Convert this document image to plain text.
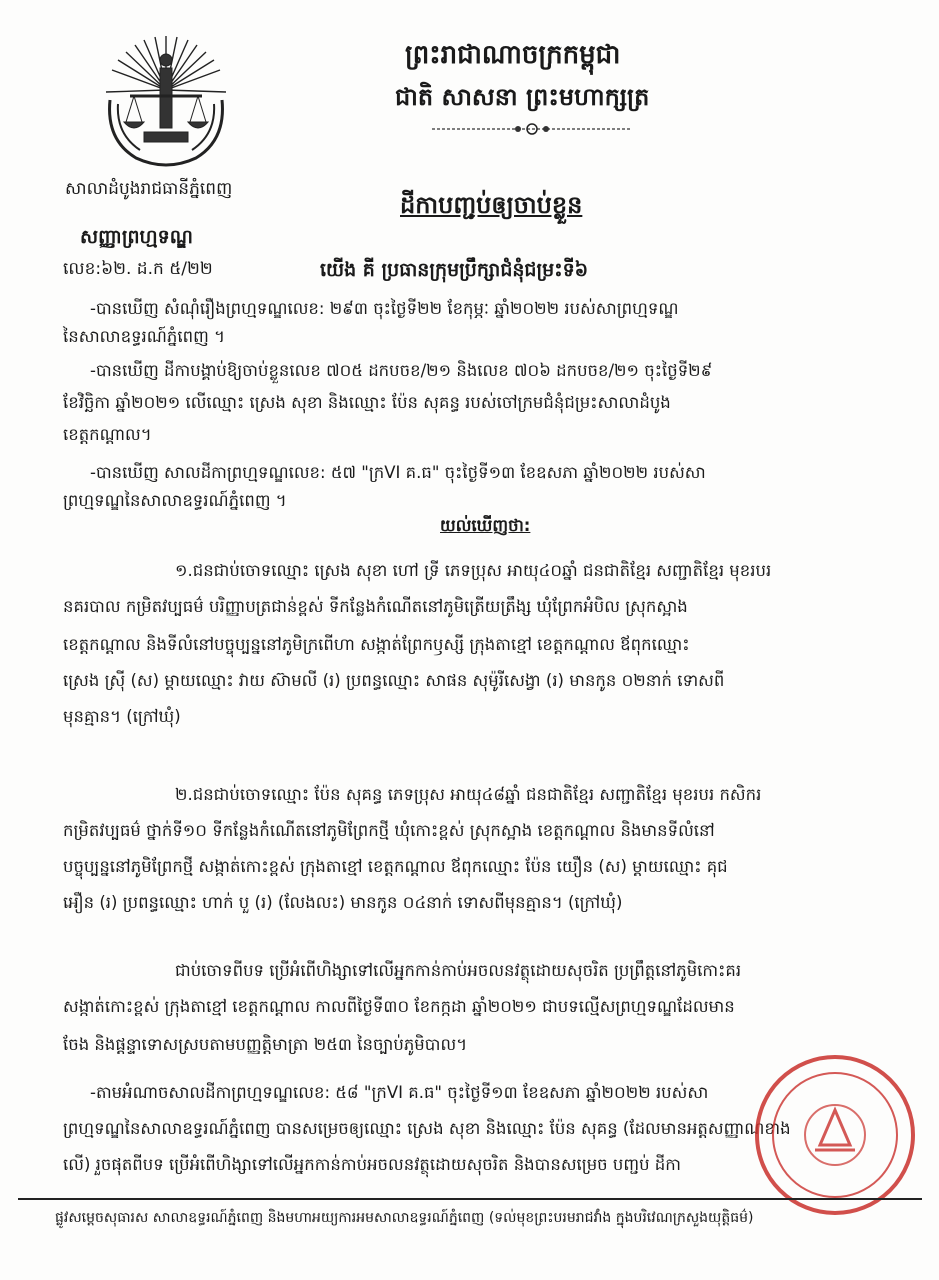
ព្រះរាជាណាចក្រកម្ពុជា
ជាតិ សាសនា ព្រះមហាក្សត្រ
សាលាដំបូងរាជធានីភ្នំពេញ
ដីកាបញ្ជប់ឲ្យចាប់ខ្លួន
សញ្ញាព្រហ្មទណ្ឌ
លេខ:៦២. ដ.ក ៥/២២	យើង គី ប្រធានក្រុមប្រឹក្សាជំនុំជម្រះទី៦

-បានឃើញ សំណុំរឿងព្រហ្មទណ្ឌលេខ: ២៩៣ ចុះថ្ងៃទី២២ ខែកុម្ភៈ ឆ្នាំ២០២២ របស់សាព្រហ្មទណ្ឌ

នៃសាលាឧទ្ធរណ៍ភ្នំពេញ ។

-បានឃើញ ដីកាបង្គាប់ឱ្យចាប់ខ្លួនលេខ ៧០៥ ដកបចខ/២១ និងលេខ ៧០៦ ដកបចខ/២១ ចុះថ្ងៃទី២៩

ខែវិច្ឆិកា ឆ្នាំ២០២១ លើឈ្មោះ ស្រេង សុខា និងឈ្មោះ ប៉ែន សុគន្ធ របស់ចៅក្រមជំនុំជម្រះសាលាដំបូង

ខេត្តកណ្ដាល។

-បានឃើញ សាលដីកាព្រហ្មទណ្ឌលេខ: ៥៧ "ក្រVI គ.ធ" ចុះថ្ងៃទី១៣ ខែឧសភា ឆ្នាំ២០២២ របស់សា

ព្រហ្មទណ្ឌនៃសាលាឧទ្ធរណ៍ភ្នំពេញ ។

យល់ឃើញថា:

១.ជនជាប់ចោទឈ្មោះ ស្រេង សុខា ហៅ ទ្រី ភេទប្រុស អាយុ៤០ឆ្នាំ ជនជាតិខ្មែរ សញ្ជាតិខ្មែរ មុខរបរ

នគរបាល កម្រិតវប្បធម៌ បរិញ្ញាបត្រជាន់ខ្ពស់ ទីកន្លែងកំណើតនៅភូមិត្រើយត្រឹង្ស ឃុំព្រែកអំបិល ស្រុកស្អាង

ខេត្តកណ្ដាល និងទីលំនៅបច្ចុប្បន្ននៅភូមិក្រពើហា សង្កាត់ព្រែកឫស្សី ក្រុងតាខ្មៅ ខេត្តកណ្ដាល ឪពុកឈ្មោះ

ស្រេង ស្រ៊ី (ស) ម្ដាយឈ្មោះ វាយ ស៊ាមលី (រ) ប្រពន្ធឈ្មោះ សាផន សុម៉ូរីសេង្វា (រ) មានកូន ០២នាក់ ទោសពី

មុនគ្មាន។ (ក្រៅឃុំ)

២.ជនជាប់ចោទឈ្មោះ ប៉ែន សុគន្ធ ភេទប្រុស អាយុ៤៨ឆ្នាំ ជនជាតិខ្មែរ សញ្ជាតិខ្មែរ មុខរបរ កសិករ

កម្រិតវប្បធម៌ ថ្នាក់ទី១០ ទីកន្លែងកំណើតនៅភូមិព្រែកថ្មី ឃុំកោះខ្ពស់ ស្រុកស្អាង ខេត្តកណ្ដាល និងមានទីលំនៅ

បច្ចុប្បន្ននៅភូមិព្រែកថ្មី សង្កាត់កោះខ្ពស់ ក្រុងតាខ្មៅ ខេត្តកណ្ដាល ឪពុកឈ្មោះ ប៉ែន យឿន (ស) ម្ដាយឈ្មោះ គុជ

អឿន (រ) ប្រពន្ធឈ្មោះ ហាក់ បួ (រ) (លែងលះ) មានកូន ០៤នាក់ ទោសពីមុនគ្មាន។ (ក្រៅឃុំ)

ជាប់ចោទពីបទ ប្រើអំពើហិង្សាទៅលើអ្នកកាន់កាប់អចលនវត្ថុដោយសុចរិត ប្រព្រឹត្តនៅភូមិកោះគរ

សង្កាត់កោះខ្ពស់ ក្រុងតាខ្មៅ ខេត្តកណ្ដាល កាលពីថ្ងៃទី៣០ ខែកក្កដា ឆ្នាំ២០២១ ជាបទល្មើសព្រហ្មទណ្ឌដែលមាន

ចែង និងផ្ដន្ទាទោសស្របតាមបញ្ញត្តិមាត្រា ២៥៣ នៃច្បាប់ភូមិបាល។

-តាមអំណាចសាលដីកាព្រហ្មទណ្ឌលេខ: ៥៨ "ក្រVI គ.ធ" ចុះថ្ងៃទី១៣ ខែឧសភា ឆ្នាំ២០២២ របស់សា

ព្រហ្មទណ្ឌនៃសាលាឧទ្ធរណ៍ភ្នំពេញ បានសម្រេចឲ្យឈ្មោះ ស្រេង សុខា និងឈ្មោះ ប៉ែន សុគន្ធ (ដែលមានអត្តសញ្ញាណខាង

លើ) រួចផុតពីបទ ប្រើអំពើហិង្សាទៅលើអ្នកកាន់កាប់អចលនវត្ថុដោយសុចរិត និងបានសម្រេច បញ្ជប់ ដីកា

ផ្លូវសម្ដេចសុធារស សាលាឧទ្ធរណ៍ភ្នំពេញ និងមហាអយ្យការអមសាលាឧទ្ធរណ៍ភ្នំពេញ (ទល់មុខព្រះបរមរាជវាំង ក្នុងបរិវេណក្រសួងយុត្តិធម៌)
